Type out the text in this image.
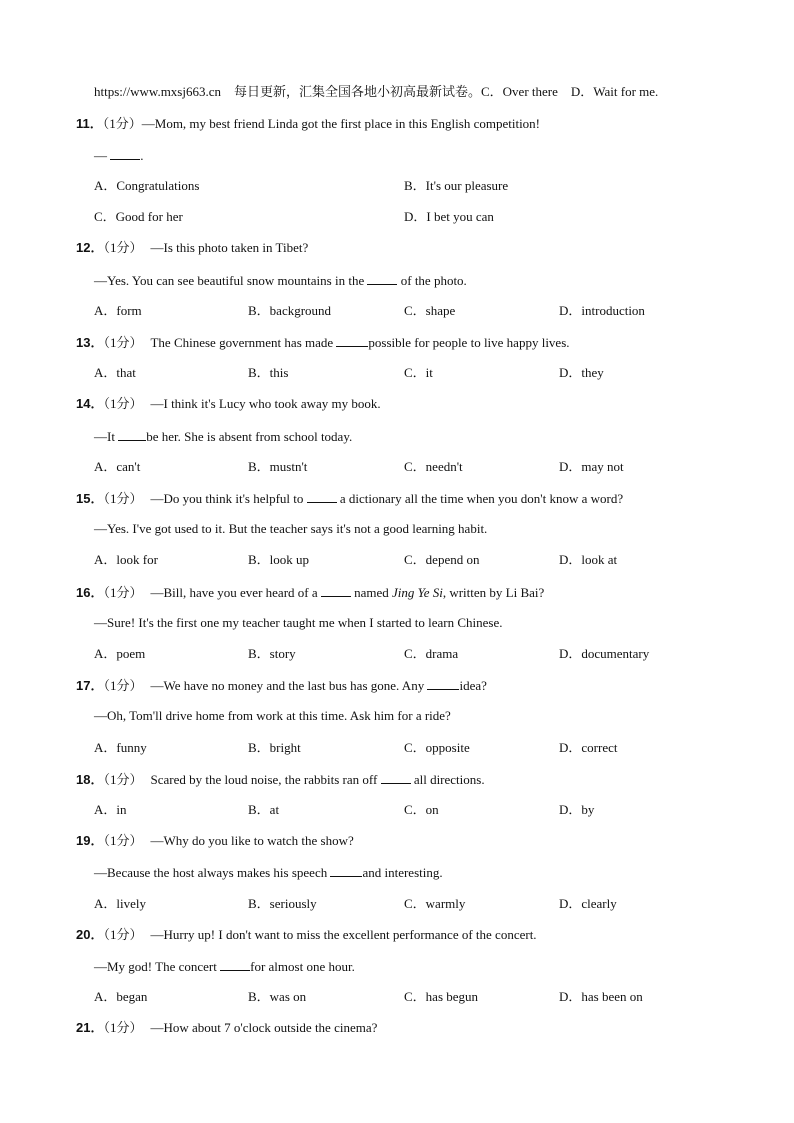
https://www.mxsj663.cn　每日更新，汇集全国各地小初高最新试卷。C．Over there　D．Wait for me.
11．（1分）—Mom, my best friend Linda got the first place in this English competition!
— .
A．Congratulations	B．It's our pleasure
C．Good for her	D．I bet you can
12．（1分） —Is this photo taken in Tibet?
—Yes. You can see beautiful snow mountains in the  of the photo.
A．form	B．background	C．shape	D．introduction
13．（1分） The Chinese government has made possible for people to live happy lives.
A．that	B．this	C．it	D．they
14．（1分） —I think it's Lucy who took away my book.
—It be her. She is absent from school today.
A．can't	B．mustn't	C．needn't	D．may not
15．（1分） —Do you think it's helpful to  a dictionary all the time when you don't know a word?
—Yes. I've got used to it. But the teacher says it's not a good learning habit.
A．look for	B．look up	C．depend on	D．look at
16．（1分） —Bill, have you ever heard of a  named Jing Ye Si, written by Li Bai?
—Sure! It's the first one my teacher taught me when I started to learn Chinese.
A．poem	B．story	C．drama	D．documentary
17．（1分） —We have no money and the last bus has gone. Any idea?
—Oh, Tom'll drive home from work at this time. Ask him for a ride?
A．funny	B．bright	C．opposite	D．correct
18．（1分） Scared by the loud noise, the rabbits ran off  all directions.
A．in	B．at	C．on	D．by
19．（1分） —Why do you like to watch the show?
—Because the host always makes his speech and interesting.
A．lively	B．seriously	C．warmly	D．clearly
20．（1分） —Hurry up! I don't want to miss the excellent performance of the concert.
—My god! The concert for almost one hour.
A．began	B．was on	C．has begun	D．has been on
21．（1分） —How about 7 o'clock outside the cinema?
